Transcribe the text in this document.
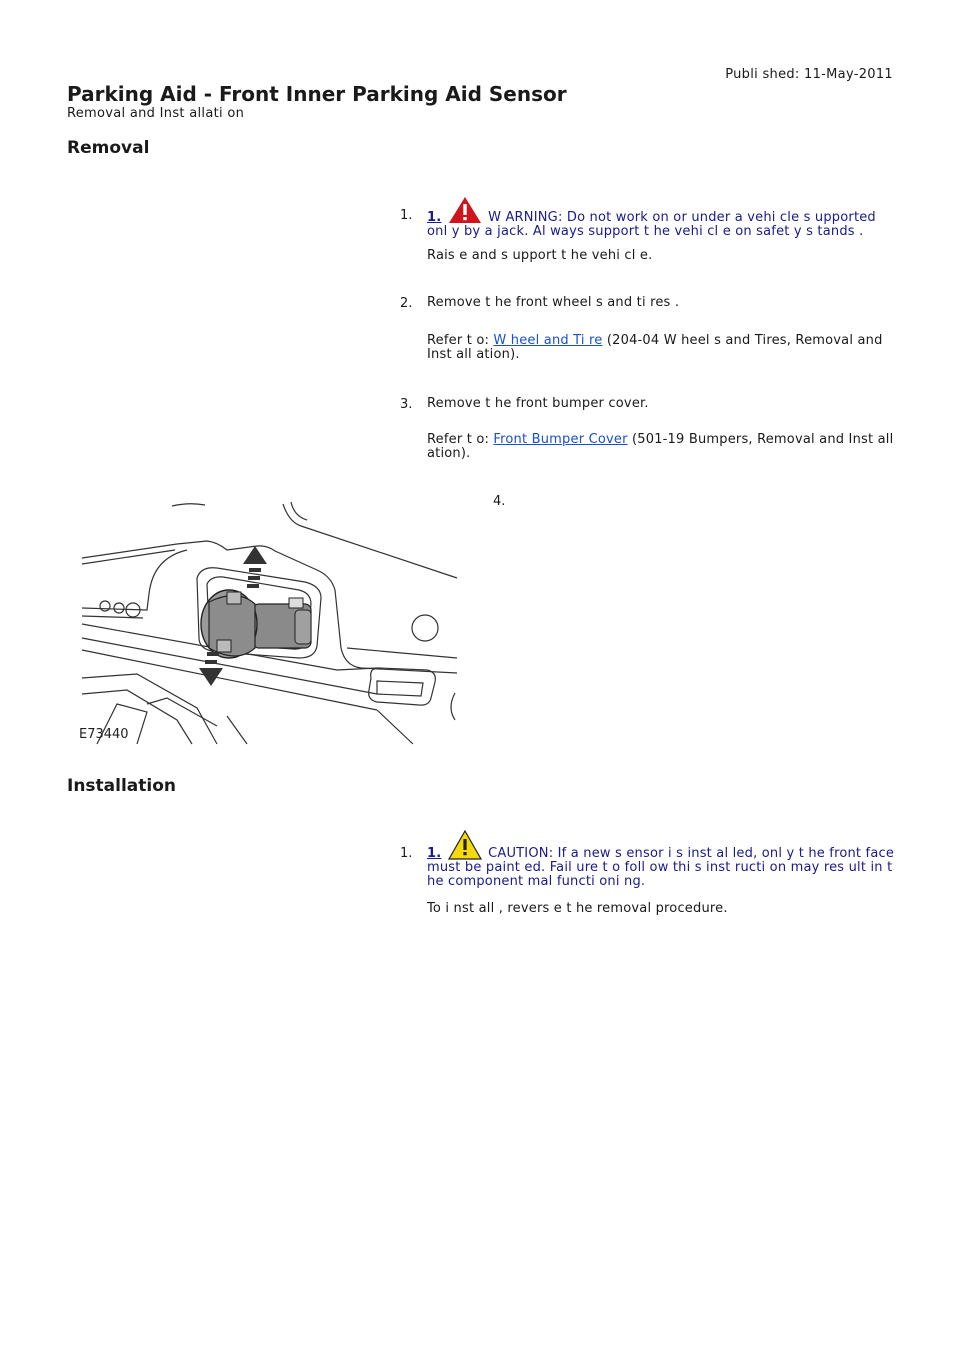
Publi shed: 11-May-2011
Parking Aid - Front Inner Parking Aid Sensor
Removal and Inst allati on
Removal
1. 1.	W ARNING: Do not work on or under a vehi cle s upported onl y by a jack. Al ways support t he vehi cl e on safet y s tands .
Rais e and s upport t he vehi cl e.
2. Remove t he front wheel s and ti res .
Refer t o: W heel and Ti re (204-04 W heel s and Tires, Removal and Inst all ation).
3. Remove t he front bumper cover.
Refer t o: Front Bumper Cover (501-19 Bumpers, Removal and Inst all ation).
4.
E73440
Installation
1. 1.	CAUTION: If a new s ensor i s inst al led, onl y t he front face must be paint ed. Fail ure t o foll ow thi s inst ructi on may res ult in t he component mal functi oni ng.
To i nst all , revers e t he removal procedure.
